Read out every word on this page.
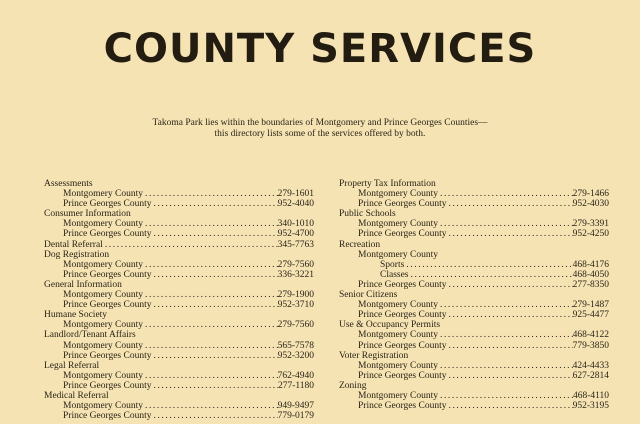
COUNTY SERVICES
Takoma Park lies within the boundaries of Montgomery and Prince Georges Counties—
this directory lists some of the services offered by both.
Assessments
Montgomery County .....	279-1601
Prince Georges County .....	952-4040
Consumer Information
Montgomery County .....	340-1010
Prince Georges County .....	952-4700
Dental Referral .....	345-7763
Dog Registration
Montgomery County .....	279-7560
Prince Georges County .....	336-3221
General Information
Montgomery County .....	279-1900
Prince Georges County .....	952-3710
Humane Society
Montgomery County .....	279-7560
Landlord/Tenant Affairs
Montgomery County .....	565-7578
Prince Georges County .....	952-3200
Legal Referral
Montgomery County .....	762-4940
Prince Georges County .....	277-1180
Medical Referral
Montgomery County .....	949-9497
Prince Georges County .....	779-0179
Property Tax Information
Montgomery County .....	279-1466
Prince Georges County .....	952-4030
Public Schools
Montgomery County .....	279-3391
Prince Georges County .....	952-4250
Recreation
Montgomery County
Sports .....	468-4176
Classes .....	468-4050
Prince Georges County .....	277-8350
Senior Citizens
Montgomery County .....	279-1487
Prince Georges County .....	925-4477
Use & Occupancy Permits
Montgomery County .....	468-4122
Prince Georges County .....	779-3850
Voter Registration
Montgomery County .....	424-4433
Prince Georges County .....	627-2814
Zoning
Montgomery County .....	468-4110
Prince Georges County .....	952-3195
